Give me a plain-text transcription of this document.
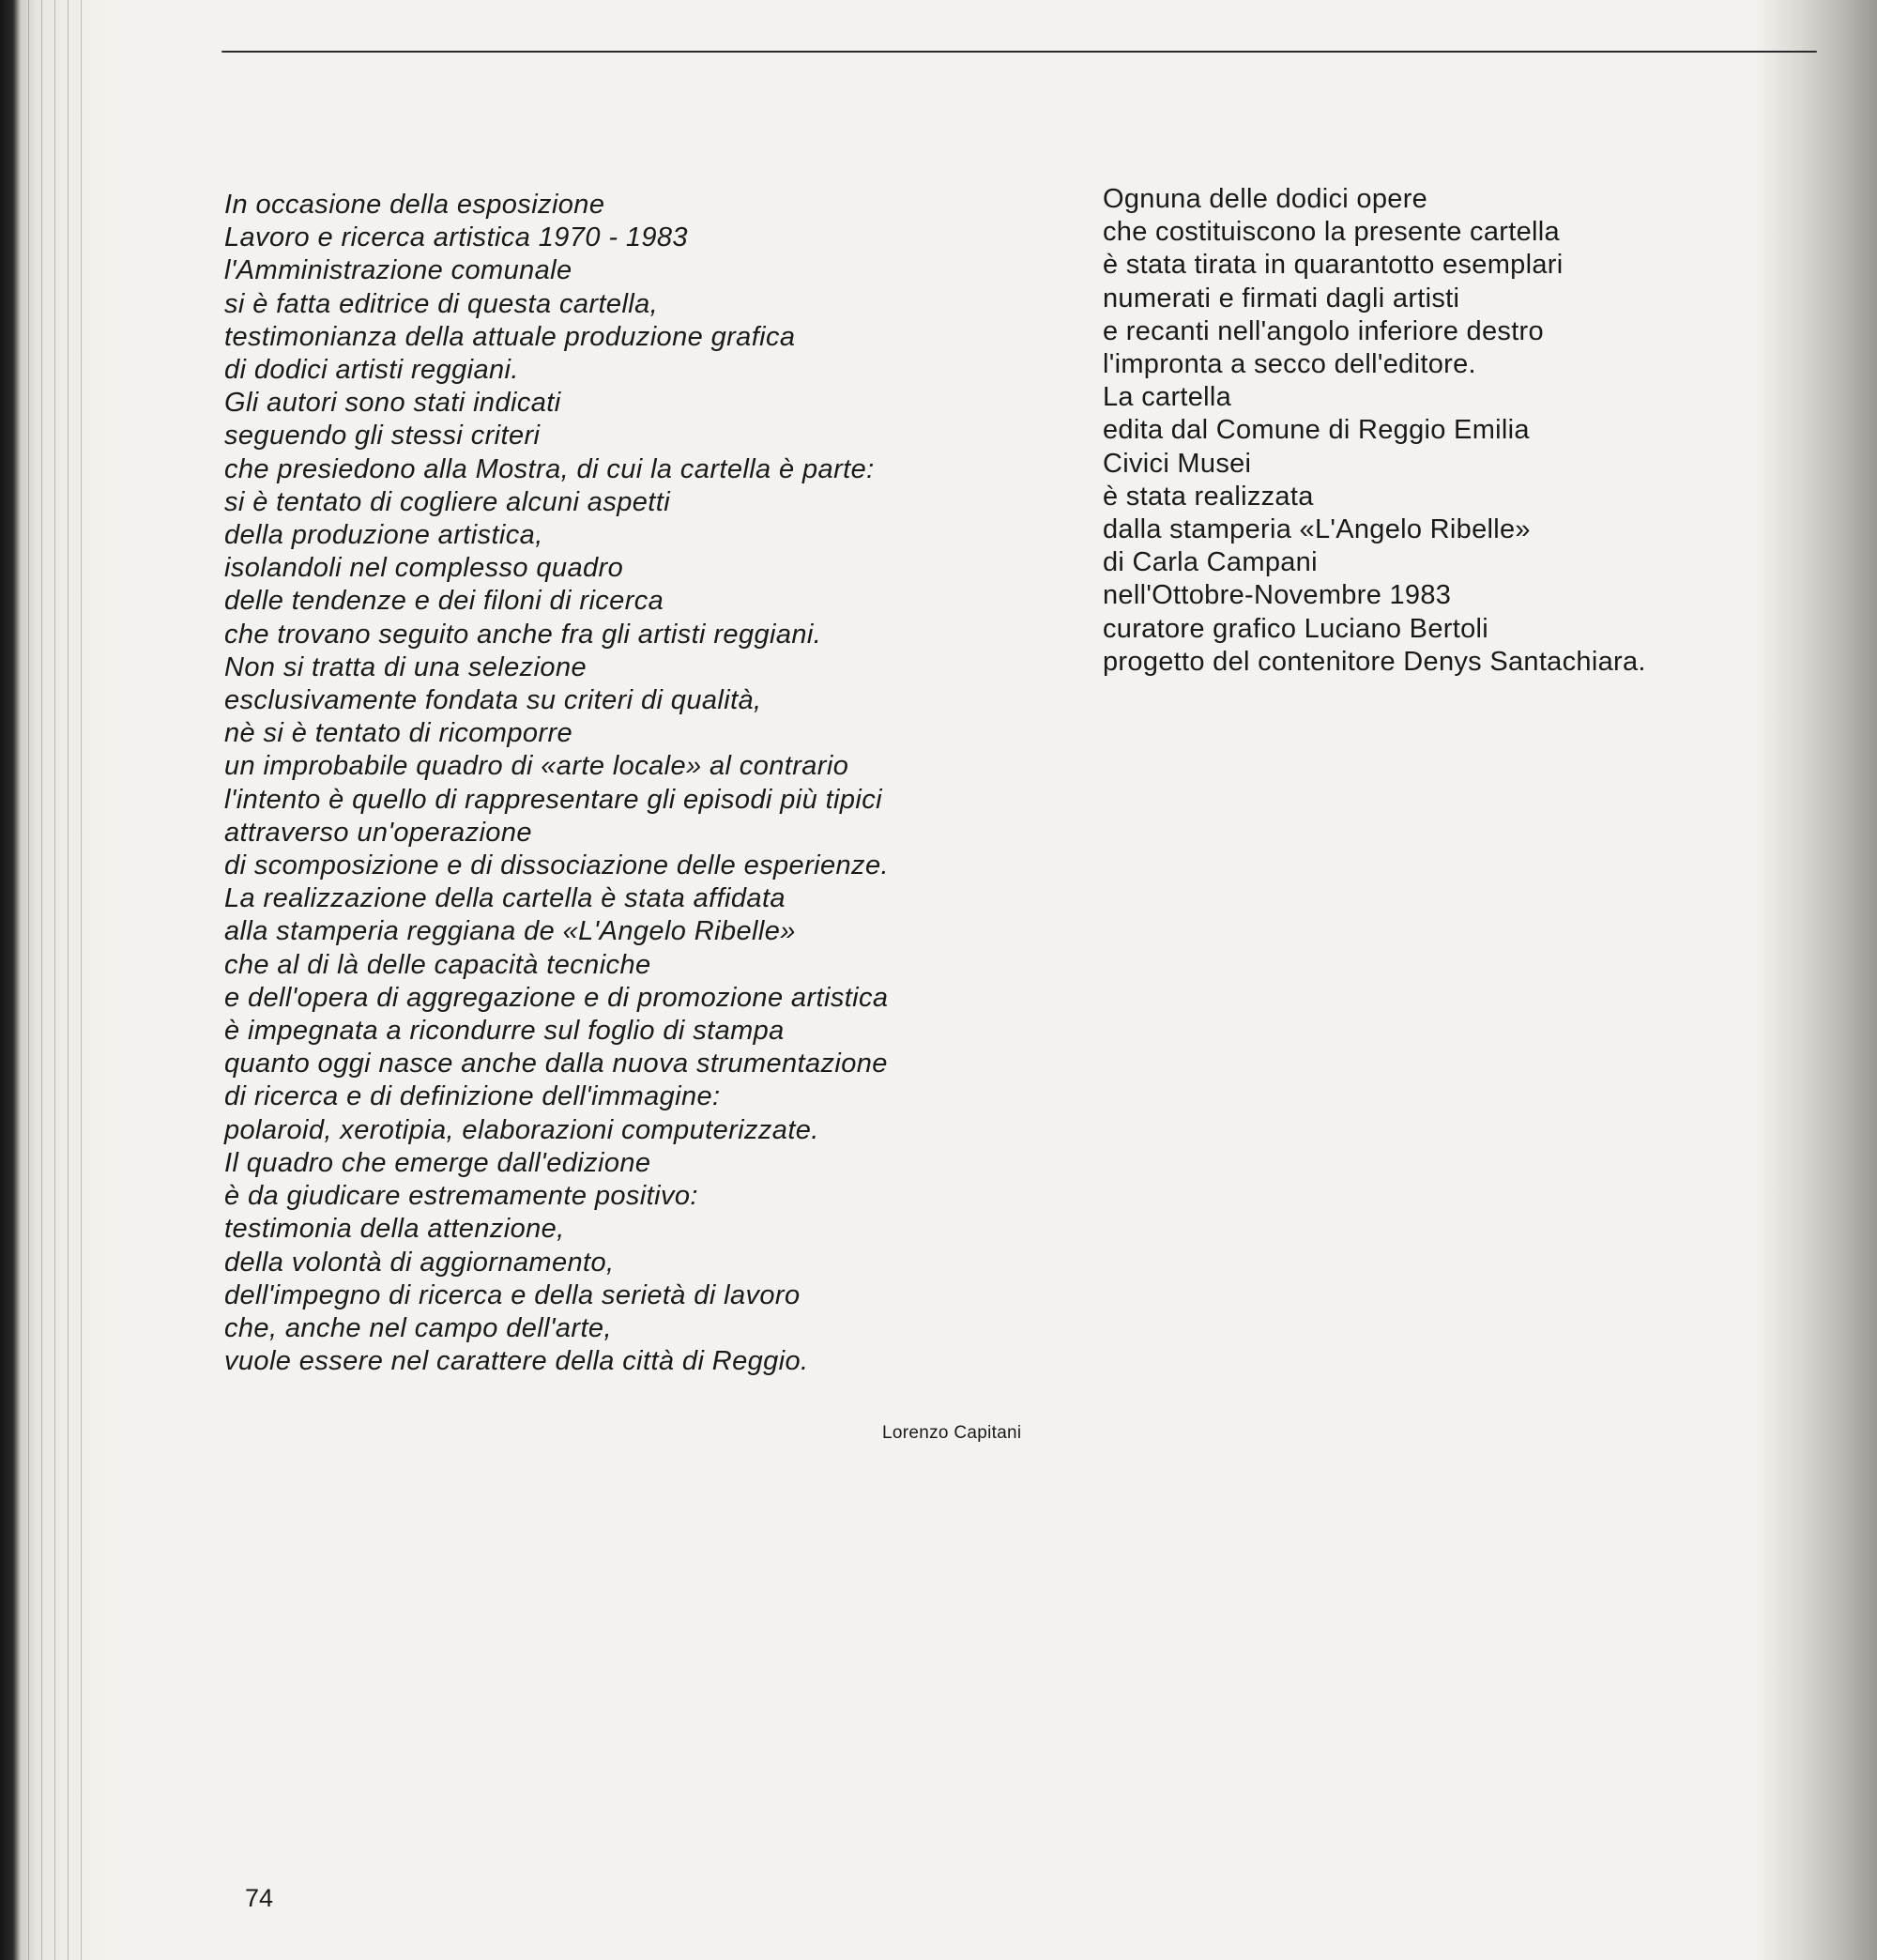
In occasione della esposizione
Lavoro e ricerca artistica 1970 - 1983
l'Amministrazione comunale
si è fatta editrice di questa cartella,
testimonianza della attuale produzione grafica
di dodici artisti reggiani.
Gli autori sono stati indicati
seguendo gli stessi criteri
che presiedono alla Mostra, di cui la cartella è parte:
si è tentato di cogliere alcuni aspetti
della produzione artistica,
isolandoli nel complesso quadro
delle tendenze e dei filoni di ricerca
che trovano seguito anche fra gli artisti reggiani.
Non si tratta di una selezione
esclusivamente fondata su criteri di qualità,
nè si è tentato di ricomporre
un improbabile quadro di «arte locale» al contrario
l'intento è quello di rappresentare gli episodi più tipici
attraverso un'operazione
di scomposizione e di dissociazione delle esperienze.
La realizzazione della cartella è stata affidata
alla stamperia reggiana de «L'Angelo Ribelle»
che al di là delle capacità tecniche
e dell'opera di aggregazione e di promozione artistica
è impegnata a ricondurre sul foglio di stampa
quanto oggi nasce anche dalla nuova strumentazione
di ricerca e di definizione dell'immagine:
polaroid, xerotipia, elaborazioni computerizzate.
Il quadro che emerge dall'edizione
è da giudicare estremamente positivo:
testimonia della attenzione,
della volontà di aggiornamento,
dell'impegno di ricerca e della serietà di lavoro
che, anche nel campo dell'arte,
vuole essere nel carattere della città di Reggio.
Ognuna delle dodici opere
che costituiscono la presente cartella
è stata tirata in quarantotto esemplari
numerati e firmati dagli artisti
e recanti nell'angolo inferiore destro
l'impronta a secco dell'editore.
La cartella
edita dal Comune di Reggio Emilia
Civici Musei
è stata realizzata
dalla stamperia «L'Angelo Ribelle»
di Carla Campani
nell'Ottobre-Novembre 1983
curatore grafico Luciano Bertoli
progetto del contenitore Denys Santachiara.
Lorenzo Capitani
74
